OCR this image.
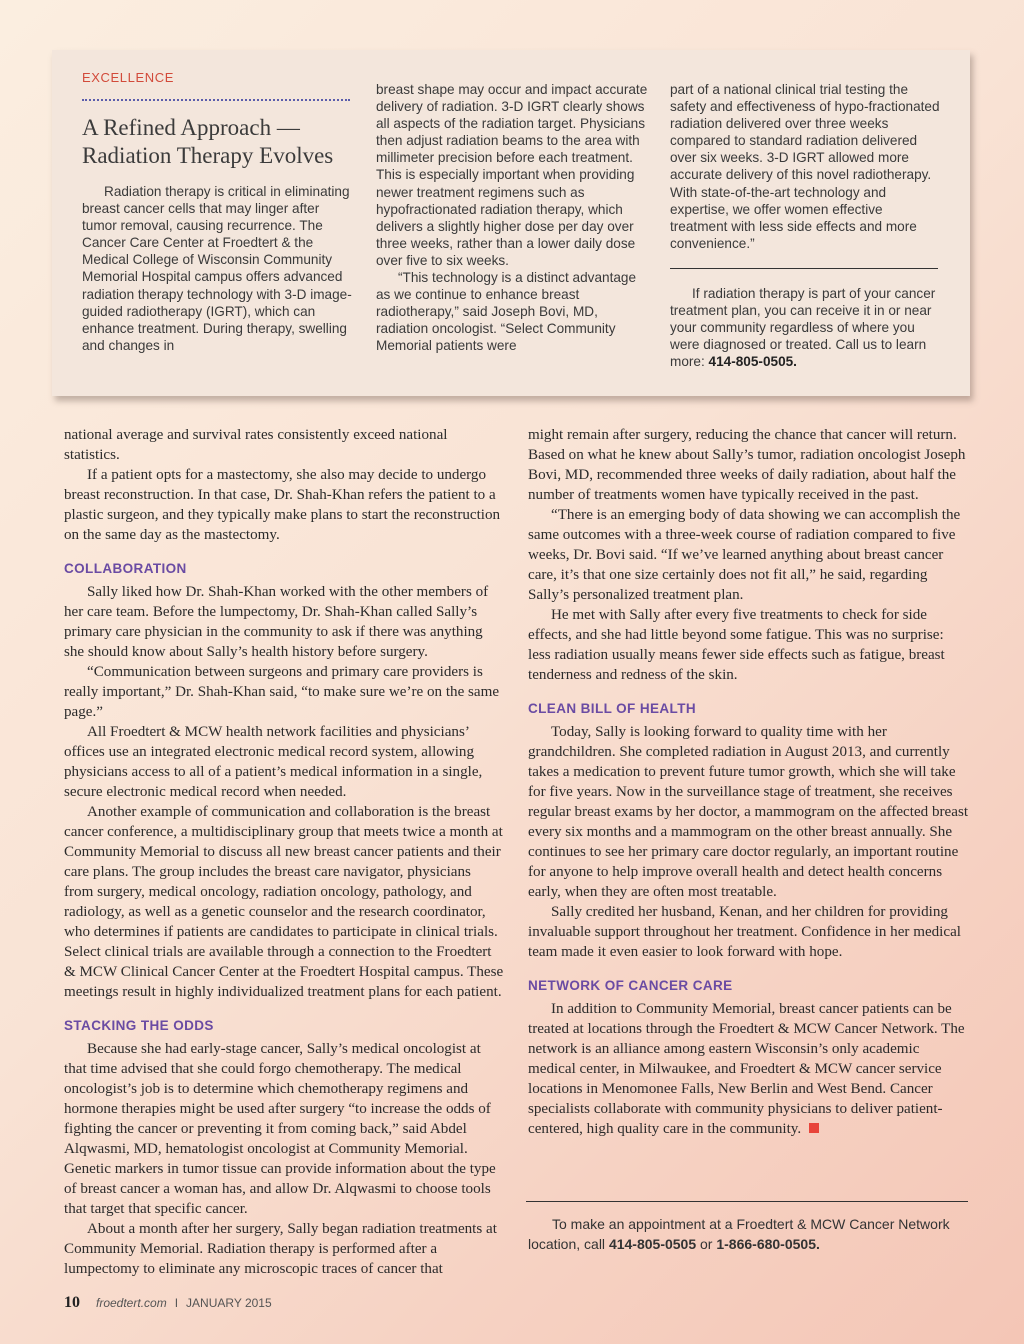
EXCELLENCE
A Refined Approach — Radiation Therapy Evolves

Radiation therapy is critical in eliminating breast cancer cells that may linger after tumor removal, causing recurrence. The Cancer Care Center at Froedtert & the Medical College of Wisconsin Community Memorial Hospital campus offers advanced radiation therapy technology with 3-D image-guided radiotherapy (IGRT), which can enhance treatment. During therapy, swelling and changes in

breast shape may occur and impact accurate delivery of radiation. 3-D IGRT clearly shows all aspects of the radiation target. Physicians then adjust radiation beams to the area with millimeter precision before each treatment. This is especially important when providing newer treatment regimens such as hypofractionated radiation therapy, which delivers a slightly higher dose per day over three weeks, rather than a lower daily dose over five to six weeks.

“This technology is a distinct advantage as we continue to enhance breast radiotherapy,” said Joseph Bovi, MD, radiation oncologist. “Select Community Memorial patients were

part of a national clinical trial testing the safety and effectiveness of hypo-fractionated radiation delivered over three weeks compared to standard radiation delivered over six weeks. 3-D IGRT allowed more accurate delivery of this novel radiotherapy. With state-of-the-art technology and expertise, we offer women effective treatment with less side effects and more convenience.”

If radiation therapy is part of your cancer treatment plan, you can receive it in or near your community regardless of where you were diagnosed or treated. Call us to learn more: 414-805-0505.

national average and survival rates consistently exceed national statistics.

If a patient opts for a mastectomy, she also may decide to undergo breast reconstruction. In that case, Dr. Shah-Khan refers the patient to a plastic surgeon, and they typically make plans to start the reconstruction on the same day as the mastectomy.

COLLABORATION

Sally liked how Dr. Shah-Khan worked with the other members of her care team. Before the lumpectomy, Dr. Shah-Khan called Sally’s primary care physician in the community to ask if there was anything she should know about Sally’s health history before surgery.

“Communication between surgeons and primary care providers is really important,” Dr. Shah-Khan said, “to make sure we’re on the same page.”

All Froedtert & MCW health network facilities and physicians’ offices use an integrated electronic medical record system, allowing physicians access to all of a patient’s medical information in a single, secure electronic medical record when needed.

Another example of communication and collaboration is the breast cancer conference, a multidisciplinary group that meets twice a month at Community Memorial to discuss all new breast cancer patients and their care plans. The group includes the breast care navigator, physicians from surgery, medical oncology, radiation oncology, pathology, and radiology, as well as a genetic counselor and the research coordinator, who determines if patients are candidates to participate in clinical trials. Select clinical trials are available through a connection to the Froedtert & MCW Clinical Cancer Center at the Froedtert Hospital campus. These meetings result in highly individualized treatment plans for each patient.

STACKING THE ODDS

Because she had early-stage cancer, Sally’s medical oncologist at that time advised that she could forgo chemotherapy. The medical oncologist’s job is to determine which chemotherapy regimens and hormone therapies might be used after surgery “to increase the odds of fighting the cancer or preventing it from coming back,” said Abdel Alqwasmi, MD, hematologist oncologist at Community Memorial. Genetic markers in tumor tissue can provide information about the type of breast cancer a woman has, and allow Dr. Alqwasmi to choose tools that target that specific cancer.

About a month after her surgery, Sally began radiation treatments at Community Memorial. Radiation therapy is performed after a lumpectomy to eliminate any microscopic traces of cancer that

might remain after surgery, reducing the chance that cancer will return. Based on what he knew about Sally’s tumor, radiation oncologist Joseph Bovi, MD, recommended three weeks of daily radiation, about half the number of treatments women have typically received in the past.

“There is an emerging body of data showing we can accomplish the same outcomes with a three-week course of radiation compared to five weeks, Dr. Bovi said. “If we’ve learned anything about breast cancer care, it’s that one size certainly does not fit all,” he said, regarding Sally’s personalized treatment plan.

He met with Sally after every five treatments to check for side effects, and she had little beyond some fatigue. This was no surprise: less radiation usually means fewer side effects such as fatigue, breast tenderness and redness of the skin.

CLEAN BILL OF HEALTH

Today, Sally is looking forward to quality time with her grandchildren. She completed radiation in August 2013, and currently takes a medication to prevent future tumor growth, which she will take for five years. Now in the surveillance stage of treatment, she receives regular breast exams by her doctor, a mammogram on the affected breast every six months and a mammogram on the other breast annually. She continues to see her primary care doctor regularly, an important routine for anyone to help improve overall health and detect health concerns early, when they are often most treatable.

Sally credited her husband, Kenan, and her children for providing invaluable support throughout her treatment. Confidence in her medical team made it even easier to look forward with hope.

NETWORK OF CANCER CARE

In addition to Community Memorial, breast cancer patients can be treated at locations through the Froedtert & MCW Cancer Network. The network is an alliance among eastern Wisconsin’s only academic medical center, in Milwaukee, and Froedtert & MCW cancer service locations in Menomonee Falls, New Berlin and West Bend. Cancer specialists collaborate with community physicians to deliver patient-centered, high quality care in the community.

To make an appointment at a Froedtert & MCW Cancer Network location, call 414-805-0505 or 1-866-680-0505.

10 froedtert.com I JANUARY 2015
